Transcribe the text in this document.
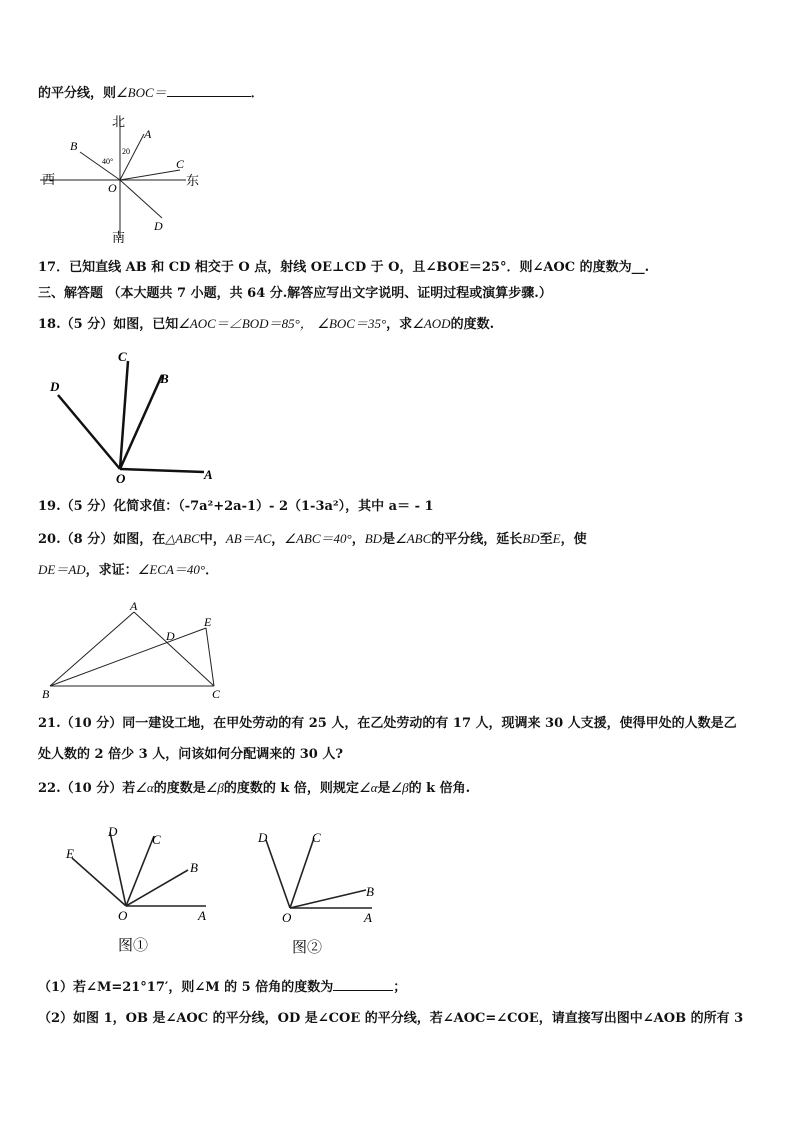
的平分线，则∠BOC＝	．
北
南
西	东
A
B
C
D
O
40°
20
17．已知直线 AB 和 CD 相交于 O 点，射线 OE⊥CD 于 O，且∠BOE＝25°．则∠AOC 的度数为__.
三、解答题 （本大题共 7 小题，共 64 分.解答应写出文字说明、证明过程或演算步骤.）
18.（5 分）如图，已知∠AOC＝∠BOD＝85°， ∠BOC＝35°，求∠AOD的度数.
A
B
C
D
O
19.（5 分）化简求值：（-7a²+2a-1）- 2（1-3a²），其中 a＝ - 1
20.（8 分）如图，在△ABC中，AB＝AC，∠ABC＝40°，BD是∠ABC的平分线，延长BD至E，使
DE＝AD，求证：∠ECA＝40°．
A
B	C
D
E
21.（10 分）同一建设工地，在甲处劳动的有 25 人，在乙处劳动的有 17 人，现调来 30 人支援，使得甲处的人数是乙
处人数的 2 倍少 3 人，问该如何分配调来的 30 人?
22.（10 分）若∠α的度数是∠β的度数的 k 倍，则规定∠α是∠β的 k 倍角.
A
B
C
D
E
O
图①
A
B
C
D
O
图②
（1）若∠M=21°17′，则∠M 的 5 倍角的度数为	；
（2）如图 1，OB 是∠AOC 的平分线，OD 是∠COE 的平分线，若∠AOC=∠COE，请直接写出图中∠AOB 的所有 3
